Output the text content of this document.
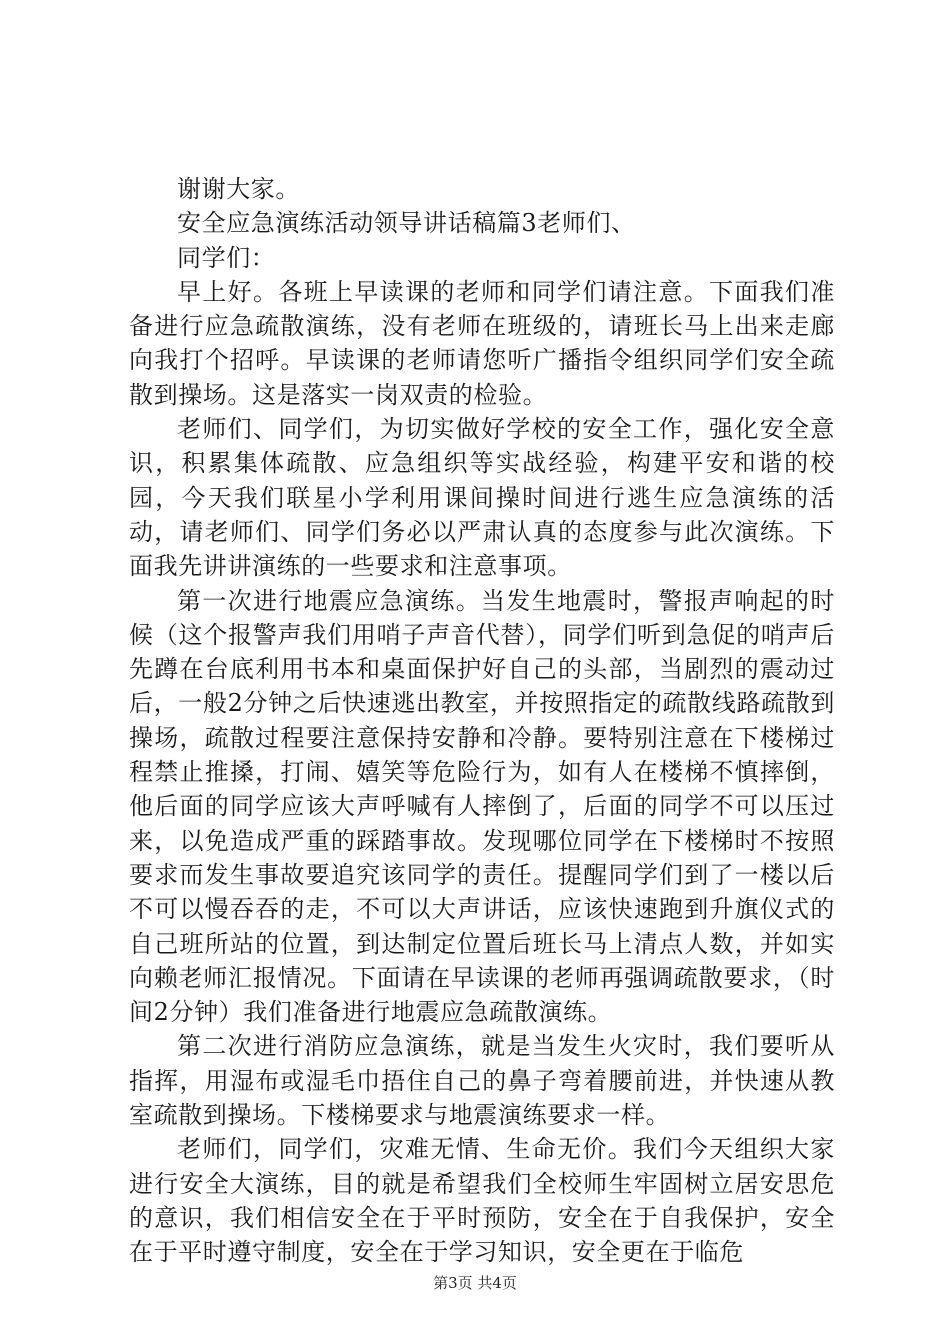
谢谢大家。

安全应急演练活动领导讲话稿篇3老师们、

同学们：

早上好。各班上早读课的老师和同学们请注意。下面我们准备进行应急疏散演练，没有老师在班级的，请班长马上出来走廊向我打个招呼。早读课的老师请您听广播指令组织同学们安全疏散到操场。这是落实一岗双责的检验。

老师们、同学们，为切实做好学校的安全工作，强化安全意识，积累集体疏散、应急组织等实战经验，构建平安和谐的校园，今天我们联星小学利用课间操时间进行逃生应急演练的活动，请老师们、同学们务必以严肃认真的态度参与此次演练。下面我先讲讲演练的一些要求和注意事项。

第一次进行地震应急演练。当发生地震时，警报声响起的时候（这个报警声我们用哨子声音代替），同学们听到急促的哨声后先蹲在台底利用书本和桌面保护好自己的头部，当剧烈的震动过后，一般2分钟之后快速逃出教室，并按照指定的疏散线路疏散到操场，疏散过程要注意保持安静和冷静。要特别注意在下楼梯过程禁止推搡，打闹、嬉笑等危险行为，如有人在楼梯不慎摔倒，他后面的同学应该大声呼喊有人摔倒了，后面的同学不可以压过来，以免造成严重的踩踏事故。发现哪位同学在下楼梯时不按照要求而发生事故要追究该同学的责任。提醒同学们到了一楼以后不可以慢吞吞的走，不可以大声讲话，应该快速跑到升旗仪式的自己班所站的位置，到达制定位置后班长马上清点人数，并如实向赖老师汇报情况。下面请在早读课的老师再强调疏散要求，（时间2分钟）我们准备进行地震应急疏散演练。

第二次进行消防应急演练，就是当发生火灾时，我们要听从指挥，用湿布或湿毛巾捂住自己的鼻子弯着腰前进，并快速从教室疏散到操场。下楼梯要求与地震演练要求一样。

老师们，同学们，灾难无情、生命无价。我们今天组织大家进行安全大演练，目的就是希望我们全校师生牢固树立居安思危的意识，我们相信安全在于平时预防，安全在于自我保护，安全在于平时遵守制度，安全在于学习知识，安全更在于临危

第3页 共4页
